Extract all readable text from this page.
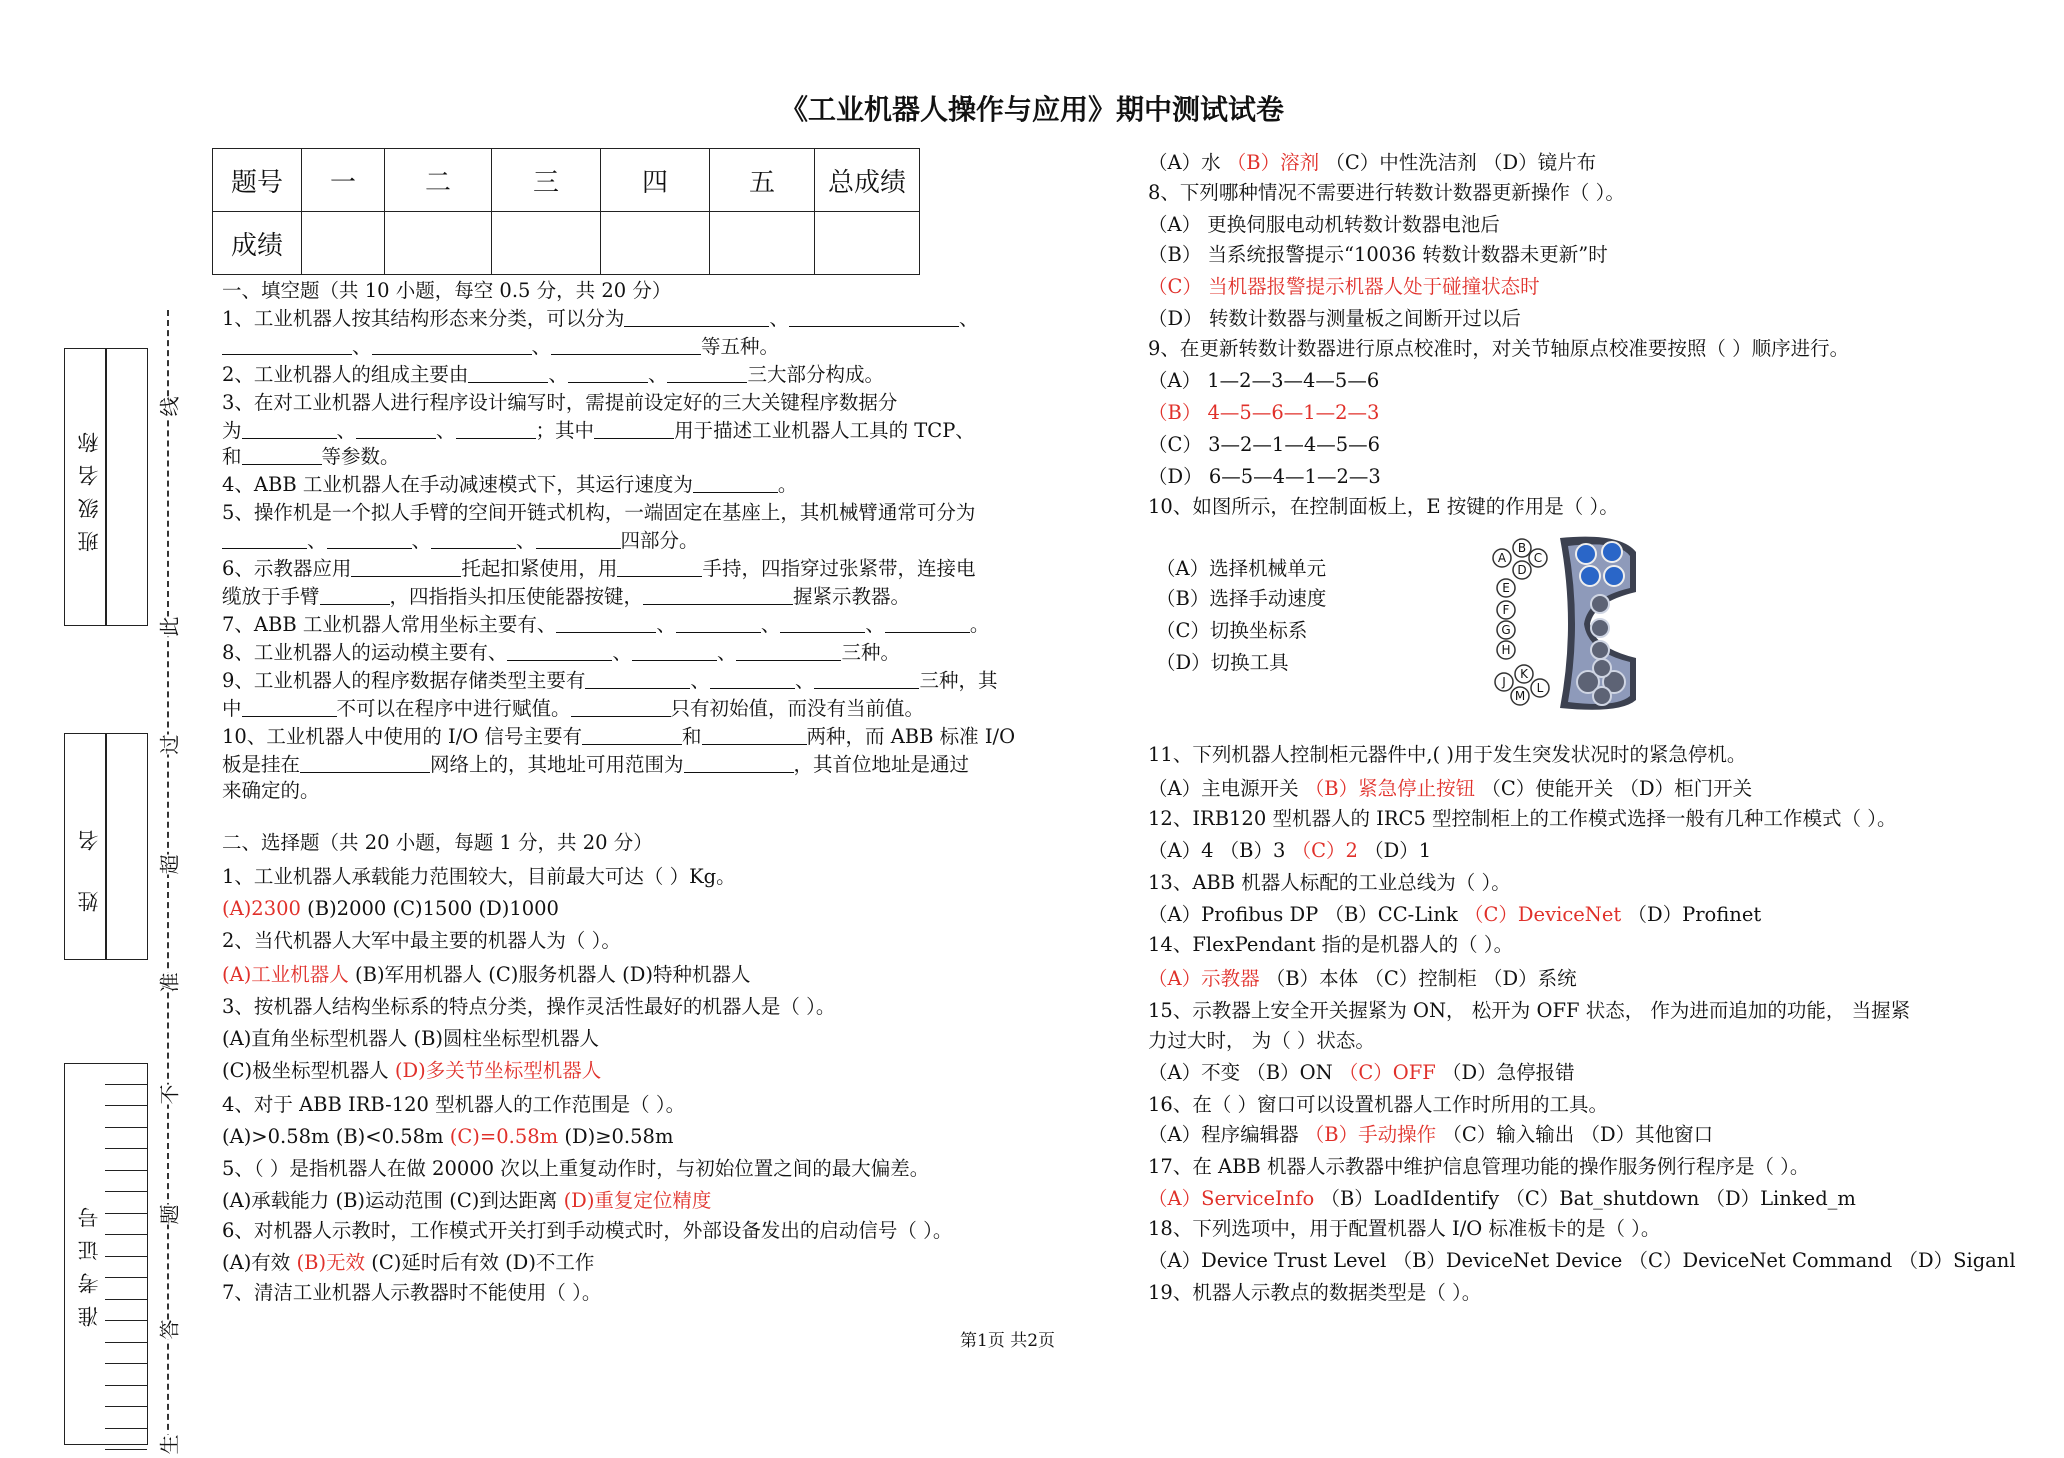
《工业机器人操作与应用》期中测试试卷
题号	一	二	三	四	五	总成绩
成绩						
班级名称
姓名
准考证号
线
此
过
超
准
不
题
答
生
一、填空题（共 10 小题，每空 0.5 分，共 20 分）
1、工业机器人按其结构形态来分类，可以分为	、	、
、	、	等五种。
2、工业机器人的组成主要由	、	、	三大部分构成。
3、在对工业机器人进行程序设计编写时，需提前设定好的三大关键程序数据分
为	、	、	；其中	用于描述工业机器人工具的 TCP、
和	等参数。
4、ABB 工业机器人在手动减速模式下，其运行速度为	。
5、操作机是一个拟人手臂的空间开链式机构，一端固定在基座上，其机械臂通常可分为
、	、	、	四部分。
6、示教器应用	托起扣紧使用，用	手持，四指穿过张紧带，连接电
缆放于手臂	，四指指头扣压使能器按键，	握紧示教器。
7、ABB 工业机器人常用坐标主要有、	、	、	、	。
8、工业机器人的运动模主要有、	、	、	三种。
9、工业机器人的程序数据存储类型主要有	、	、	三种，其
中	不可以在程序中进行赋值。	只有初始值，而没有当前值。
10、工业机器人中使用的 I/O 信号主要有	和	两种，而 ABB 标准 I/O
板是挂在	网络上的，其地址可用范围为	，其首位地址是通过
来确定的。
二、选择题（共 20 小题，每题 1 分，共 20 分）
1、工业机器人承载能力范围较大，目前最大可达（ ）Kg。
(A)2300 (B)2000 (C)1500 (D)1000
2、当代机器人大军中最主要的机器人为（ ）。
(A)工业机器人 (B)军用机器人 (C)服务机器人 (D)特种机器人
3、按机器人结构坐标系的特点分类，操作灵活性最好的机器人是（ ）。
(A)直角坐标型机器人 (B)圆柱坐标型机器人
(C)极坐标型机器人 (D)多关节坐标型机器人
4、对于 ABB IRB-120 型机器人的工作范围是（ ）。
(A)>0.58m (B)<0.58m (C)=0.58m (D)≥0.58m
5、（ ）是指机器人在做 20000 次以上重复动作时，与初始位置之间的最大偏差。
(A)承载能力 (B)运动范围 (C)到达距离 (D)重复定位精度
6、对机器人示教时，工作模式开关打到手动模式时，外部设备发出的启动信号（ ）。
(A)有效 (B)无效 (C)延时后有效 (D)不工作
7、清洁工业机器人示教器时不能使用（ ）。
（A）水 （B）溶剂 （C）中性洗洁剂 （D）镜片布
8、下列哪种情况不需要进行转数计数器更新操作（ ）。
（A） 更换伺服电动机转数计数器电池后
（B） 当系统报警提示“10036 转数计数器未更新”时
（C） 当机器报警提示机器人处于碰撞状态时
（D） 转数计数器与测量板之间断开过以后
9、在更新转数计数器进行原点校准时，对关节轴原点校准要按照（ ）顺序进行。
（A） 1—2—3—4—5—6
（B） 4—5—6—1—2—3
（C） 3—2—1—4—5—6
（D） 6—5—4—1—2—3
10、如图所示，在控制面板上，E 按键的作用是（ ）。
11、下列机器人控制柜元器件中,( )用于发生突发状况时的紧急停机。
（A）主电源开关 （B）紧急停止按钮 （C）使能开关 （D）柜门开关
12、IRB120 型机器人的 IRC5 型控制柜上的工作模式选择一般有几种工作模式（ ）。
（A）4 （B）3 （C）2 （D）1
13、ABB 机器人标配的工业总线为（ ）。
（A）Profibus DP （B）CC-Link （C）DeviceNet （D）Profinet
14、FlexPendant 指的是机器人的（ ）。
（A）示教器 （B）本体 （C）控制柜 （D）系统
15、示教器上安全开关握紧为 ON， 松开为 OFF 状态， 作为进而追加的功能， 当握紧
力过大时， 为（ ）状态。
（A）不变 （B）ON （C）OFF （D）急停报错
16、在（ ）窗口可以设置机器人工作时所用的工具。
（A）程序编辑器 （B）手动操作 （C）输入输出 （D）其他窗口
17、在 ABB 机器人示教器中维护信息管理功能的操作服务例行程序是（ ）。
（A）ServiceInfo （B）LoadIdentify （C）Bat_shutdown （D）Linked_m
18、下列选项中，用于配置机器人 I/O 标准板卡的是（ ）。
（A）Device Trust Level （B）DeviceNet Device （C）DeviceNet Command （D）Siganl
19、机器人示教点的数据类型是（ ）。
（A）选择机械单元
（B）选择手动速度
（C）切换坐标系
（D）切换工具
A
B
C
D
E
F
G
H
J
K
L
M
第1页 共2页
